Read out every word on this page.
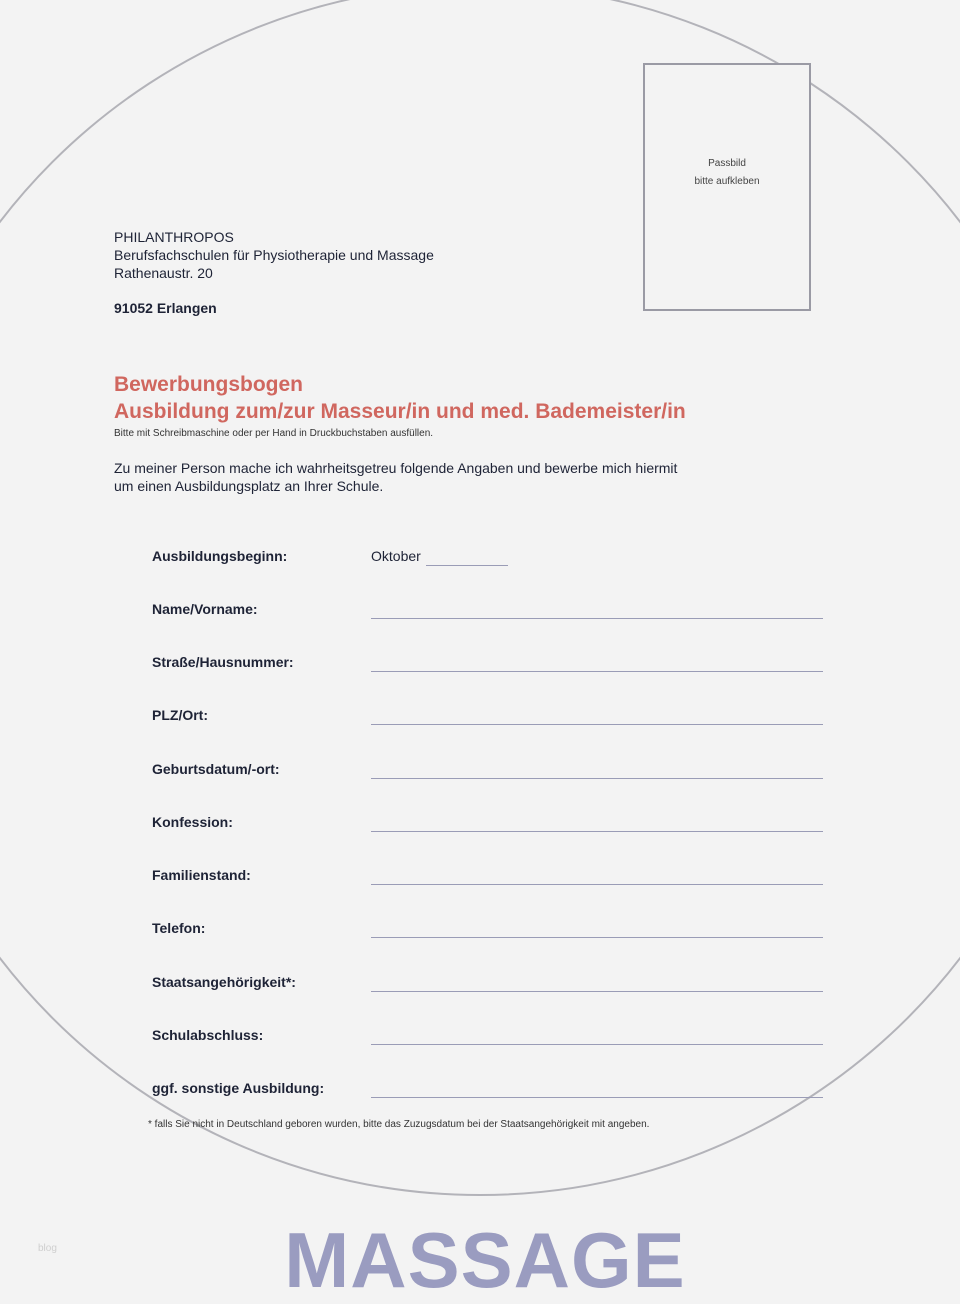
Passbild
bitte aufkleben
PHILANTHROPOS
Berufsfachschulen für Physiotherapie und Massage
Rathenaustr. 20
91052 Erlangen
Bewerbungsbogen
Ausbildung zum/zur Masseur/in und med. Bademeister/in
Bitte mit Schreibmaschine oder per Hand in Druckbuchstaben ausfüllen.
Zu meiner Person mache ich wahrheitsgetreu folgende Angaben und bewerbe mich hiermit
um einen Ausbildungsplatz an Ihrer Schule.
Ausbildungsbeginn:	Oktober
Name/Vorname:
Straße/Hausnummer:
PLZ/Ort:
Geburtsdatum/-ort:
Konfession:
Familienstand:
Telefon:
Staatsangehörigkeit*:
Schulabschluss:
ggf. sonstige Ausbildung:
* falls Sie nicht in Deutschland geboren wurden, bitte das Zuzugsdatum bei der Staatsangehörigkeit mit angeben.
blog	MASSAGE
